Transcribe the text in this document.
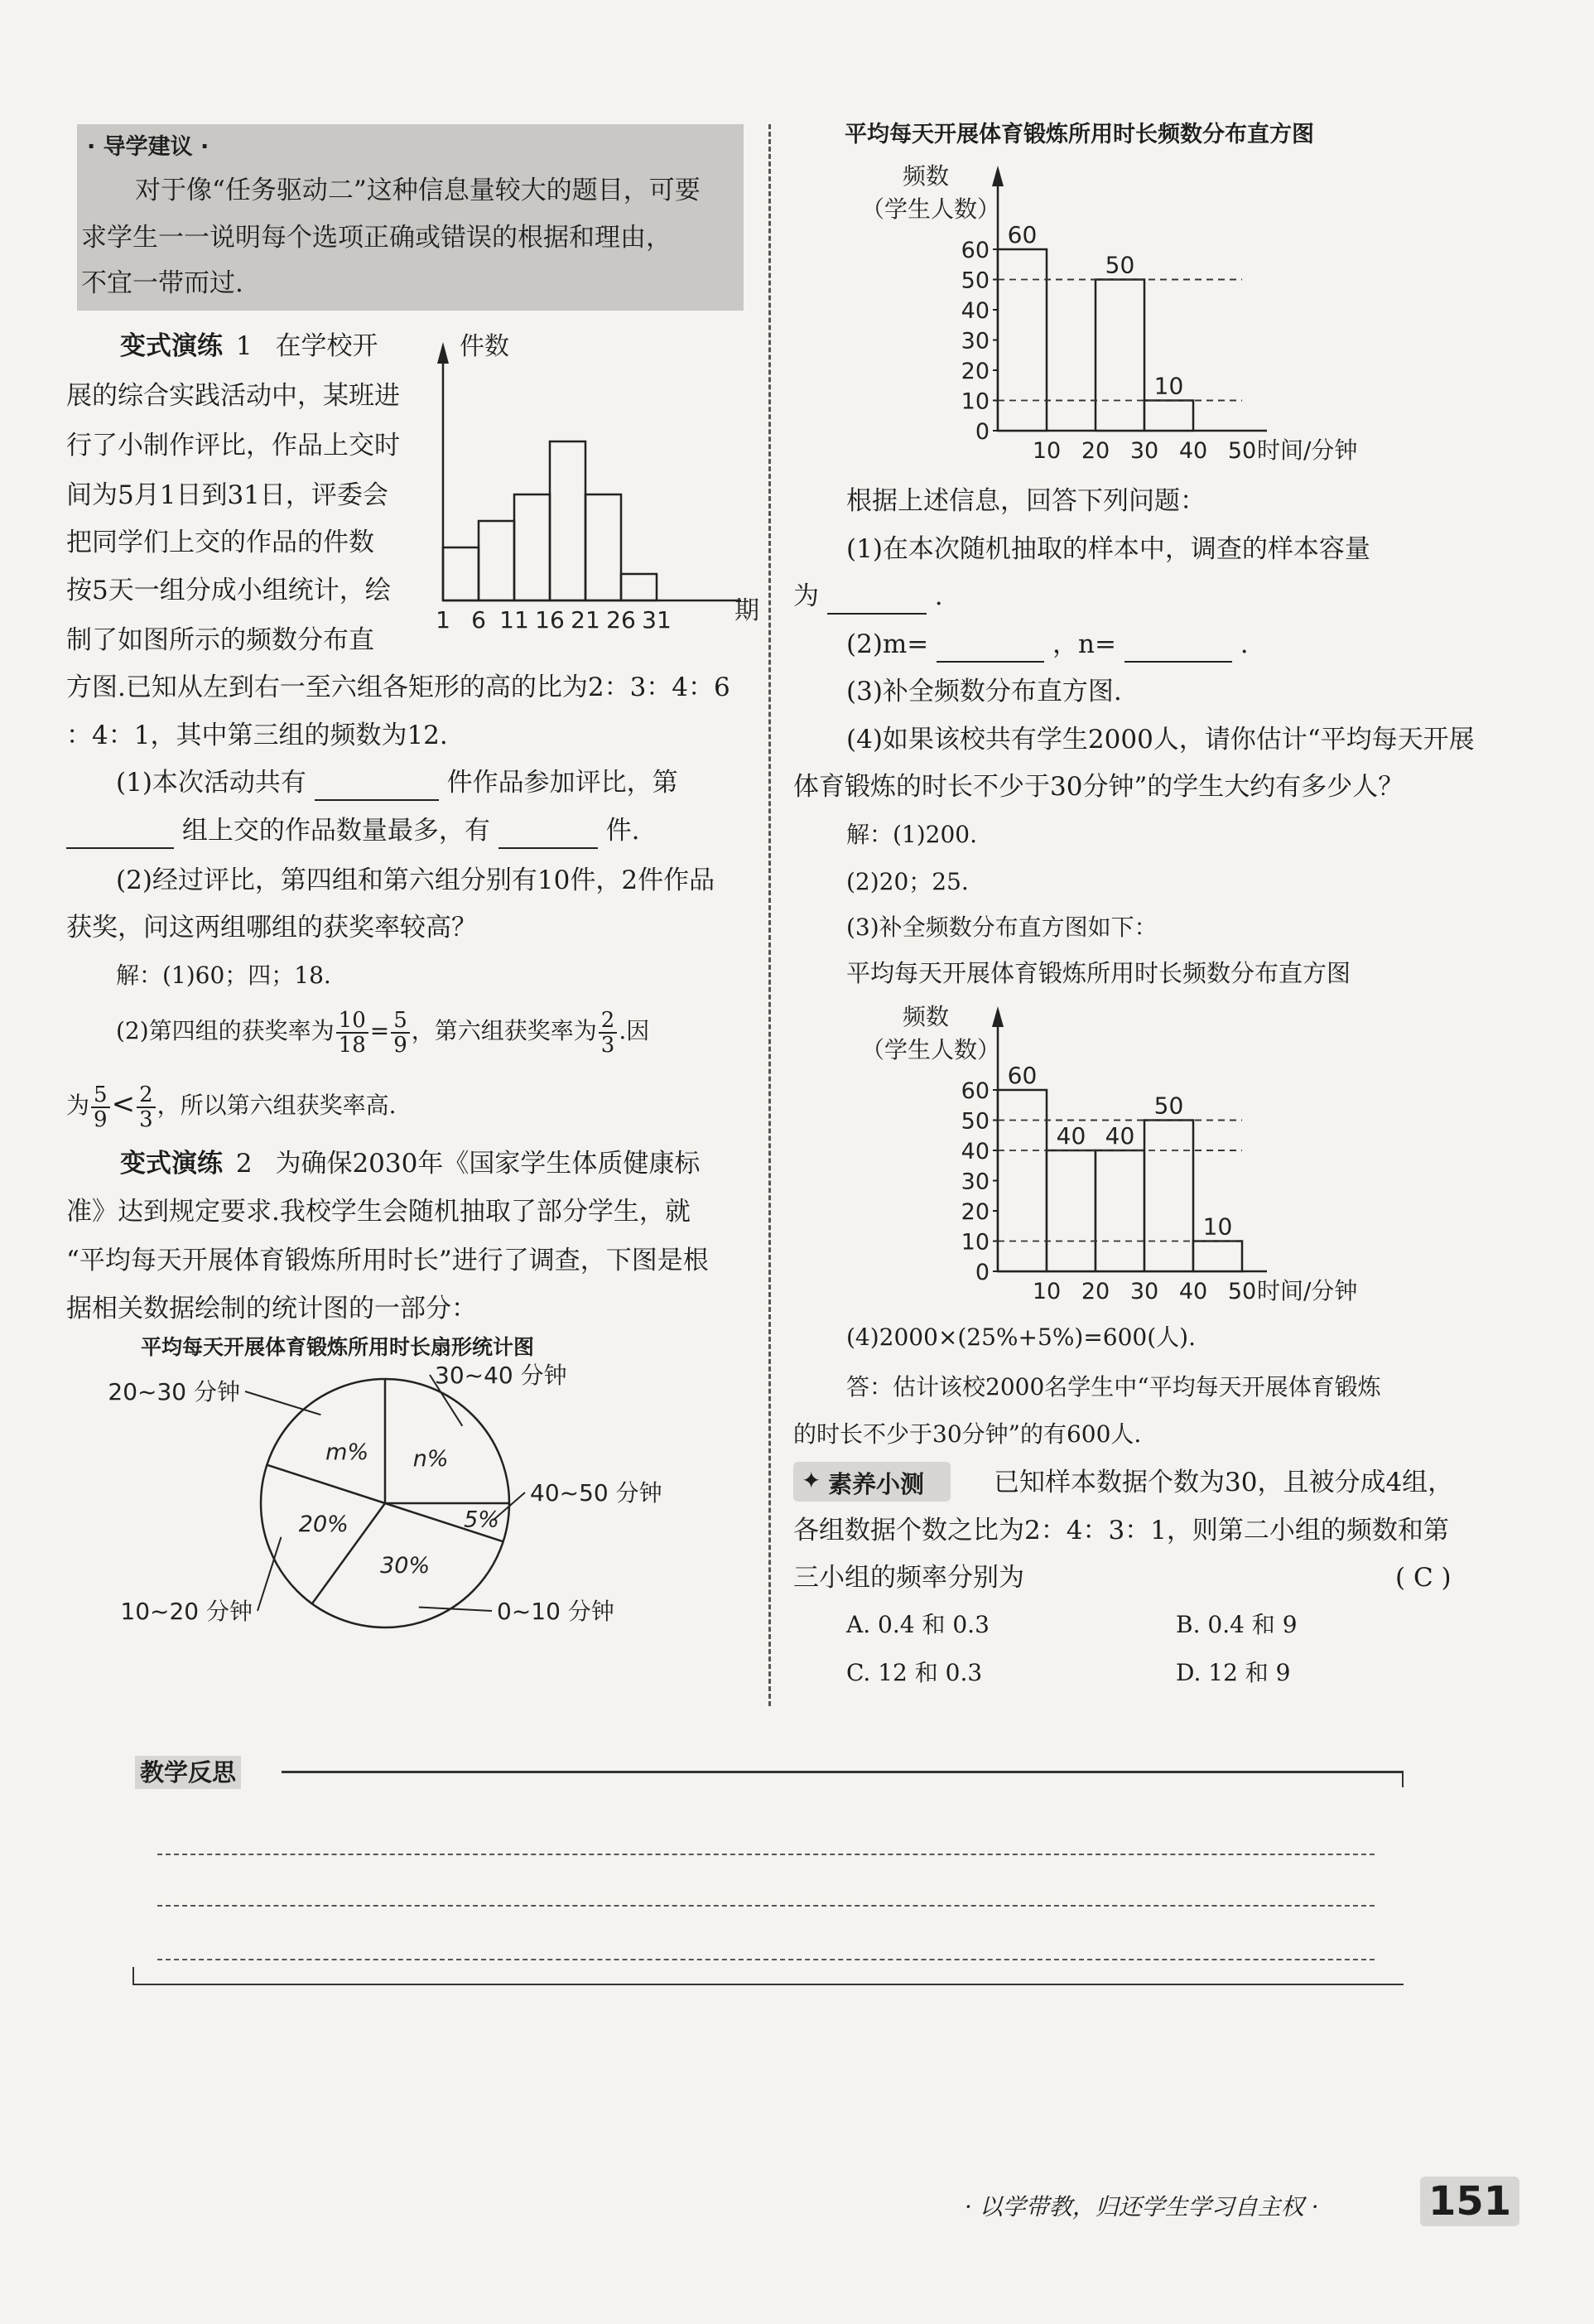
· 导学建议 ·
对于像“任务驱动二”这种信息量较大的题目，可要
求学生一一说明每个选项正确或错误的根据和理由，
不宜一带而过.
变式演练 1 在学校开
展的综合实践活动中，某班进
行了小制作评比，作品上交时
间为5月1日到31日，评委会
把同学们上交的作品的件数
按5天一组分成小组统计，绘
制了如图所示的频数分布直
件数
1 6 11 16 21 26 31	期
方图.已知从左到右一至六组各矩形的高的比为2：3：4：6
：4：1，其中第三组的频数为12.
(1)本次活动共有	件作品参加评比，第
组上交的作品数量最多，有	件.
(2)经过评比，第四组和第六组分别有10件，2件作品
获奖，问这两组哪组的获奖率较高？
解：(1)60；四；18.
(2)第四组的获奖率为 $\frac{10}{18} = \frac{5}{9}$ ，第六组获奖率为 $\frac{2}{3}$ .因
为 $\frac{5}{9} < \frac{2}{3}$ ，所以第六组获奖率高.
变式演练 2 为确保2030年《国家学生体质健康标
准》达到规定要求.我校学生会随机抽取了部分学生，就
“平均每天开展体育锻炼所用时长”进行了调查，下图是根
据相关数据绘制的统计图的一部分：
平均每天开展体育锻炼所用时长扇形统计图
n%
30~40 分钟
5%
40~50 分钟
30%
0~10 分钟
20%
10~20 分钟
m%
20~30 分钟
平均每天开展体育锻炼所用时长频数分布直方图
频数
（学生人数）
0
10
20
30
40
50
60
10 20 30 40 50 时间/分钟
60
50
10
根据上述信息，回答下列问题：
(1)在本次随机抽取的样本中，调查的样本容量
为	.
(2)m=	，n=	.
(3)补全频数分布直方图.
(4)如果该校共有学生2000人，请你估计“平均每天开展
体育锻炼的时长不少于30分钟”的学生大约有多少人？
解：(1)200.
(2)20；25.
(3)补全频数分布直方图如下：
平均每天开展体育锻炼所用时长频数分布直方图
频数
（学生人数）
0
10
20
30
40
50
60
10 20 30 40 50 时间/分钟
60
40 40
50
10
(4)2000×(25%+5%)=600(人).
答：估计该校2000名学生中“平均每天开展体育锻炼
的时长不少于30分钟”的有600人.
✦ 素养小测	已知样本数据个数为30，且被分成4组，
各组数据个数之比为2：4：3：1，则第二小组的频数和第
三小组的频率分别为	( C )
A. 0.4 和 0.3	B. 0.4 和 9
C. 12 和 0.3	D. 12 和 9
教学反思
· 以学带教，归还学生学习自主权 ·	151
